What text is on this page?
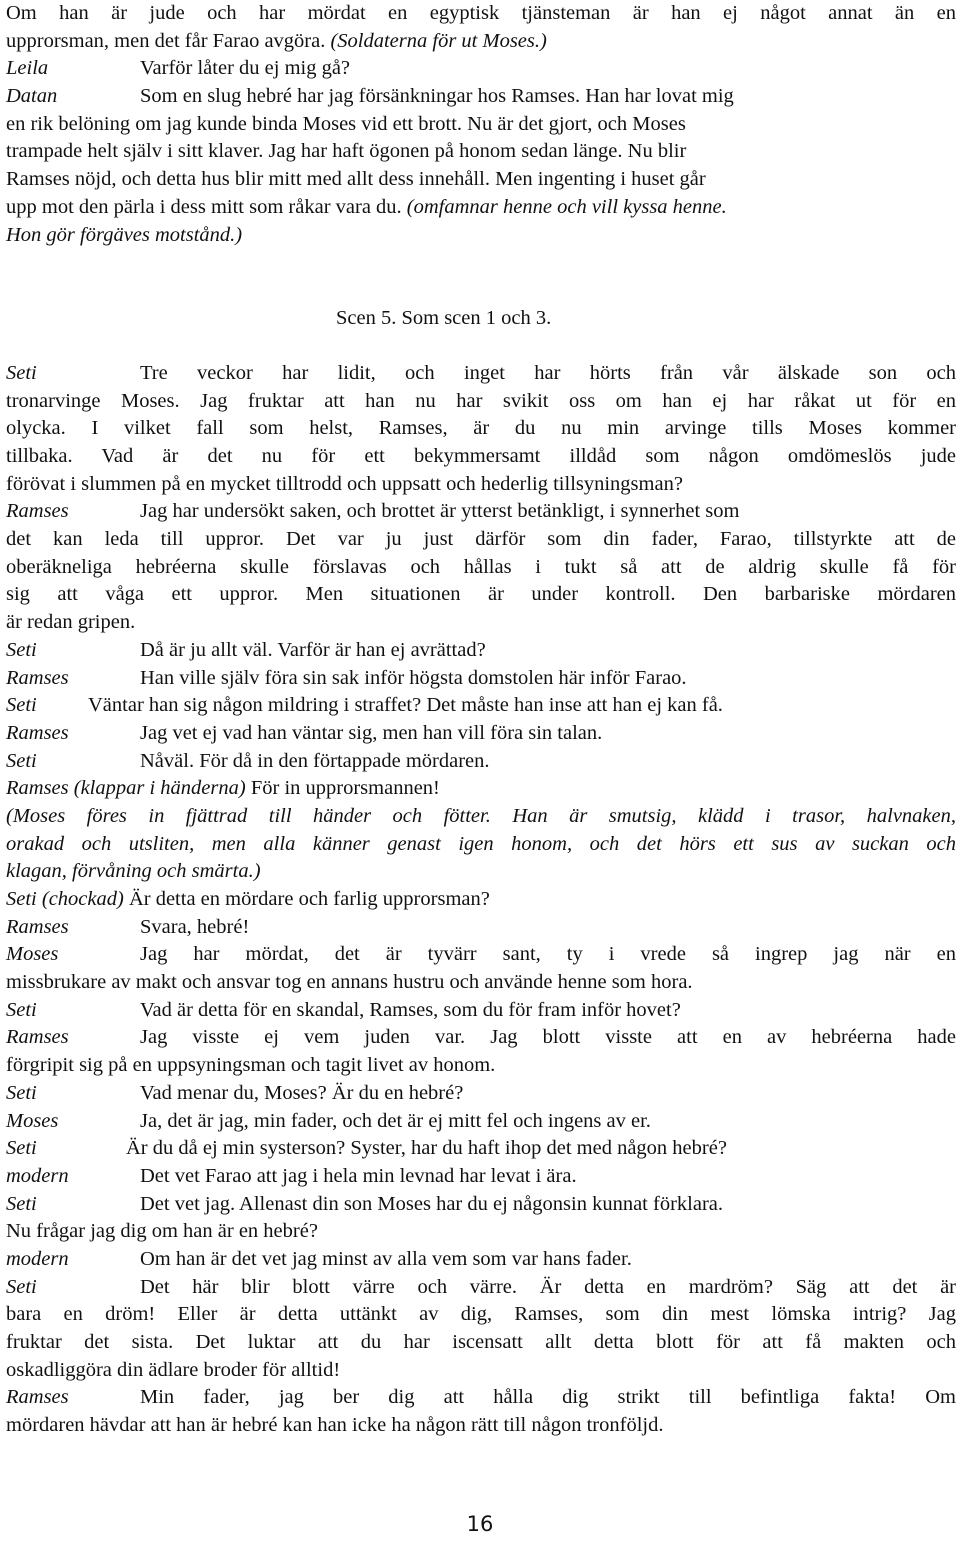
Om han är jude och har mördat en egyptisk tjänsteman är han ej något annat än en
upprorsman, men det får Farao avgöra. (Soldaterna för ut Moses.)
Leila	Varför låter du ej mig gå?
Datan	Som en slug hebré har jag försänkningar hos Ramses. Han har lovat mig
en rik belöning om jag kunde binda Moses vid ett brott. Nu är det gjort, och Moses
trampade helt själv i sitt klaver. Jag har haft ögonen på honom sedan länge. Nu blir
Ramses nöjd, och detta hus blir mitt med allt dess innehåll. Men ingenting i huset går
upp mot den pärla i dess mitt som råkar vara du. (omfamnar henne och vill kyssa henne.
Hon gör förgäves motstånd.)
Scen 5. Som scen 1 och 3.
Seti	Tre veckor har lidit, och inget har hörts från vår älskade son och
tronarvinge Moses. Jag fruktar att han nu har svikit oss om han ej har råkat ut för en
olycka. I vilket fall som helst, Ramses, är du nu min arvinge tills Moses kommer
tillbaka. Vad är det nu för ett bekymmersamt illdåd som någon omdömeslös jude
förövat i slummen på en mycket tilltrodd och uppsatt och hederlig tillsyningsman?
Ramses	Jag har undersökt saken, och brottet är ytterst betänkligt, i synnerhet som
det kan leda till uppror. Det var ju just därför som din fader, Farao, tillstyrkte att de
oberäkneliga hebréerna skulle förslavas och hållas i tukt så att de aldrig skulle få för
sig att våga ett uppror. Men situationen är under kontroll. Den barbariske mördaren
är redan gripen.
Seti	Då är ju allt väl. Varför är han ej avrättad?
Ramses	Han ville själv föra sin sak inför högsta domstolen här inför Farao.
Seti	Väntar han sig någon mildring i straffet? Det måste han inse att han ej kan få.
Ramses	Jag vet ej vad han väntar sig, men han vill föra sin talan.
Seti	Nåväl. För då in den förtappade mördaren.
Ramses (klappar i händerna) För in upprorsmannen!
(Moses föres in fjättrad till händer och fötter. Han är smutsig, klädd i trasor, halvnaken,
orakad och utsliten, men alla känner genast igen honom, och det hörs ett sus av suckan och
klagan, förvåning och smärta.)
Seti (chockad) Är detta en mördare och farlig upprorsman?
Ramses	Svara, hebré!
Moses	Jag har mördat, det är tyvärr sant, ty i vrede så ingrep jag när en
missbrukare av makt och ansvar tog en annans hustru och använde henne som hora.
Seti	Vad är detta för en skandal, Ramses, som du för fram inför hovet?
Ramses	Jag visste ej vem juden var. Jag blott visste att en av hebréerna hade
förgripit sig på en uppsyningsman och tagit livet av honom.
Seti	Vad menar du, Moses? Är du en hebré?
Moses	Ja, det är jag, min fader, och det är ej mitt fel och ingens av er.
Seti	Är du då ej min systerson? Syster, har du haft ihop det med någon hebré?
modern	Det vet Farao att jag i hela min levnad har levat i ära.
Seti	Det vet jag. Allenast din son Moses har du ej någonsin kunnat förklara.
Nu frågar jag dig om han är en hebré?
modern	Om han är det vet jag minst av alla vem som var hans fader.
Seti	Det här blir blott värre och värre. Är detta en mardröm? Säg att det är
bara en dröm! Eller är detta uttänkt av dig, Ramses, som din mest lömska intrig? Jag
fruktar det sista. Det luktar att du har iscensatt allt detta blott för att få makten och
oskadliggöra din ädlare broder för alltid!
Ramses	Min fader, jag ber dig att hålla dig strikt till befintliga fakta! Om
mördaren hävdar att han är hebré kan han icke ha någon rätt till någon tronföljd.
16
